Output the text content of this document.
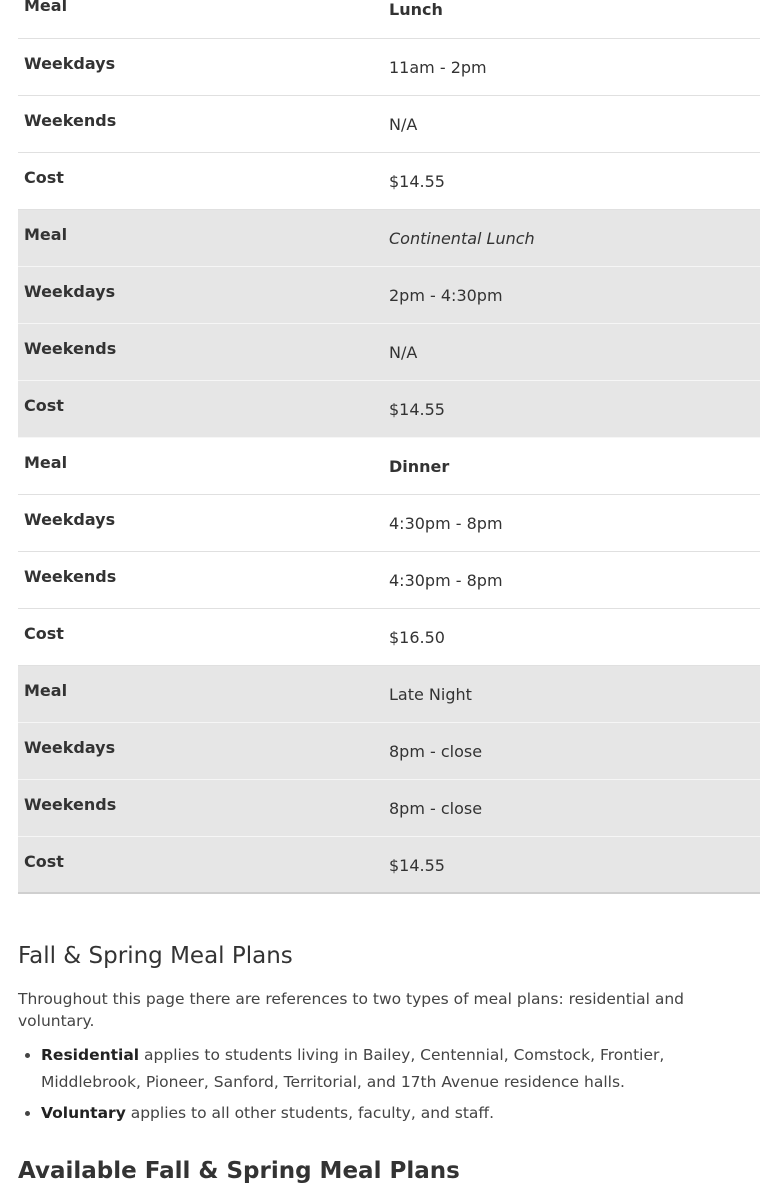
Meal	Lunch
Weekdays	11am - 2pm
Weekends	N/A
Cost	$14.55
Meal	Continental Lunch
Weekdays	2pm - 4:30pm
Weekends	N/A
Cost	$14.55
Meal	Dinner
Weekdays	4:30pm - 8pm
Weekends	4:30pm - 8pm
Cost	$16.50
Meal	Late Night
Weekdays	8pm - close
Weekends	8pm - close
Cost	$14.55
Fall & Spring Meal Plans

Throughout this page there are references to two types of meal plans: residential and voluntary.

• Residential applies to students living in Bailey, Centennial, Comstock, Frontier, Middlebrook, Pioneer, Sanford, Territorial, and 17th Avenue residence halls.
• Voluntary applies to all other students, faculty, and staff.
Available Fall & Spring Meal Plans
